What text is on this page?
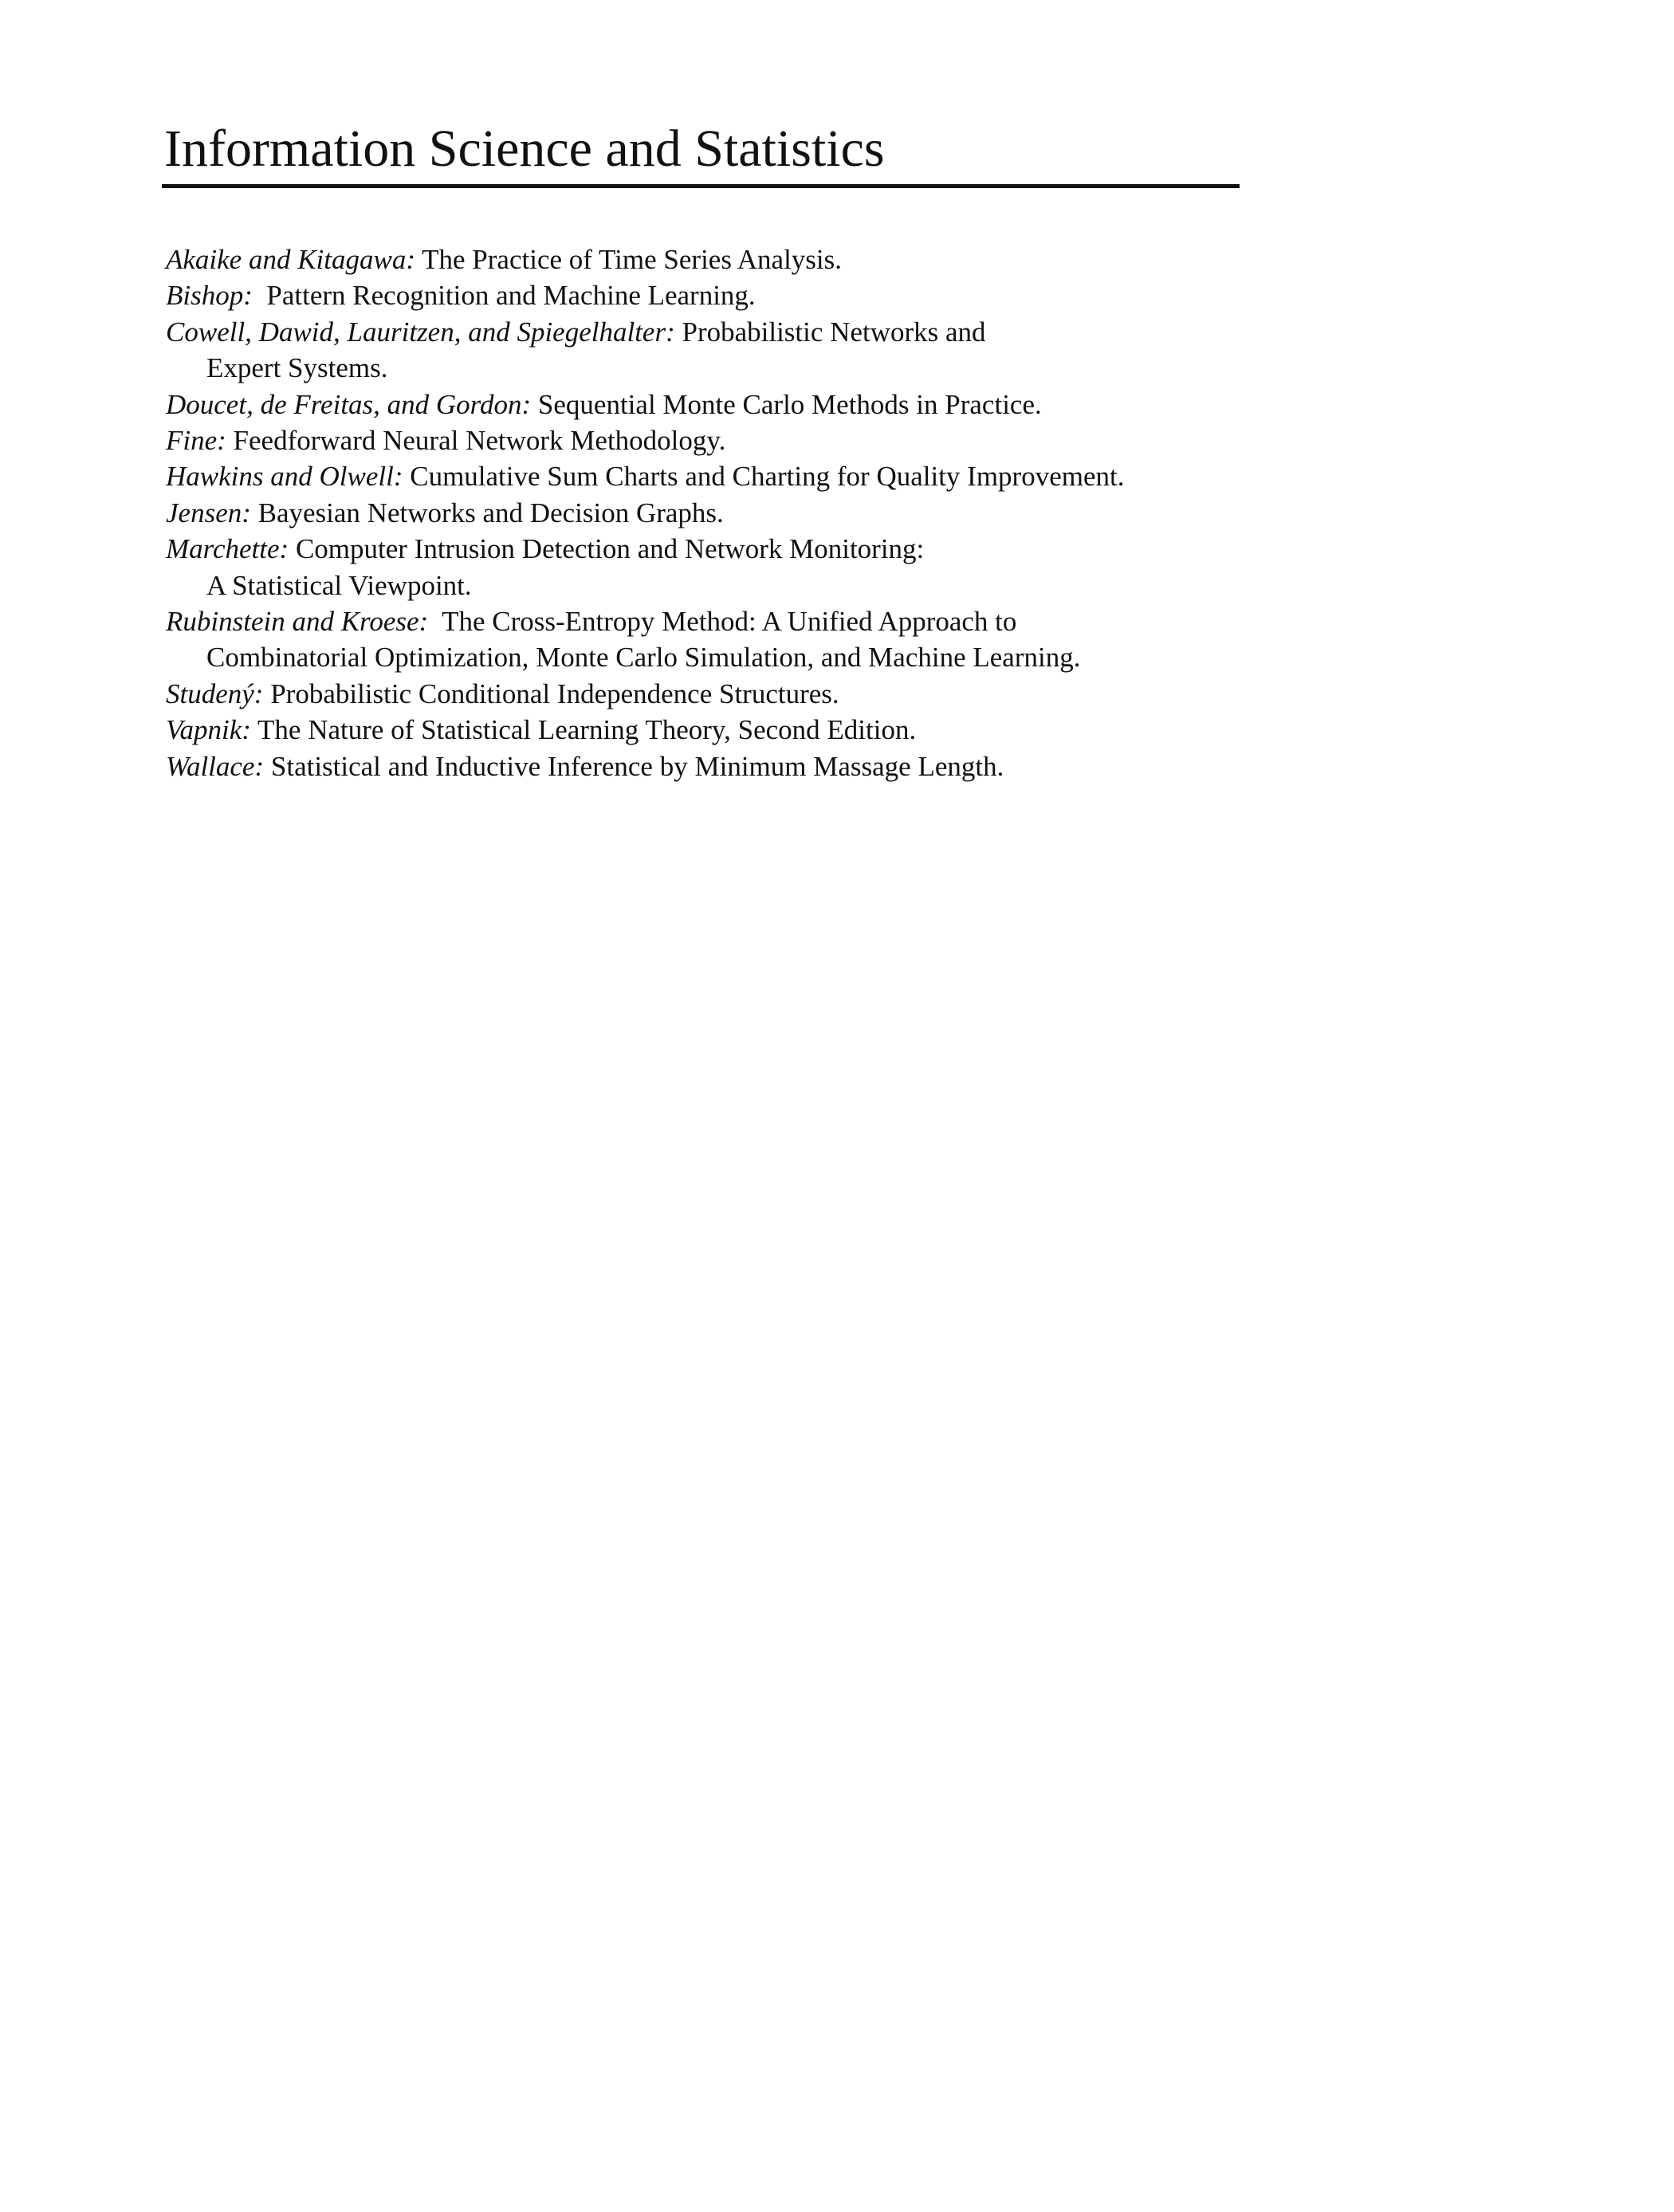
Information Science and Statistics
Akaike and Kitagawa: The Practice of Time Series Analysis.
Bishop: Pattern Recognition and Machine Learning.
Cowell, Dawid, Lauritzen, and Spiegelhalter: Probabilistic Networks and
Expert Systems.
Doucet, de Freitas, and Gordon: Sequential Monte Carlo Methods in Practice.
Fine: Feedforward Neural Network Methodology.
Hawkins and Olwell: Cumulative Sum Charts and Charting for Quality Improvement.
Jensen: Bayesian Networks and Decision Graphs.
Marchette: Computer Intrusion Detection and Network Monitoring:
A Statistical Viewpoint.
Rubinstein and Kroese: The Cross-Entropy Method: A Unified Approach to
Combinatorial Optimization, Monte Carlo Simulation, and Machine Learning.
Studený: Probabilistic Conditional Independence Structures.
Vapnik: The Nature of Statistical Learning Theory, Second Edition.
Wallace: Statistical and Inductive Inference by Minimum Massage Length.
